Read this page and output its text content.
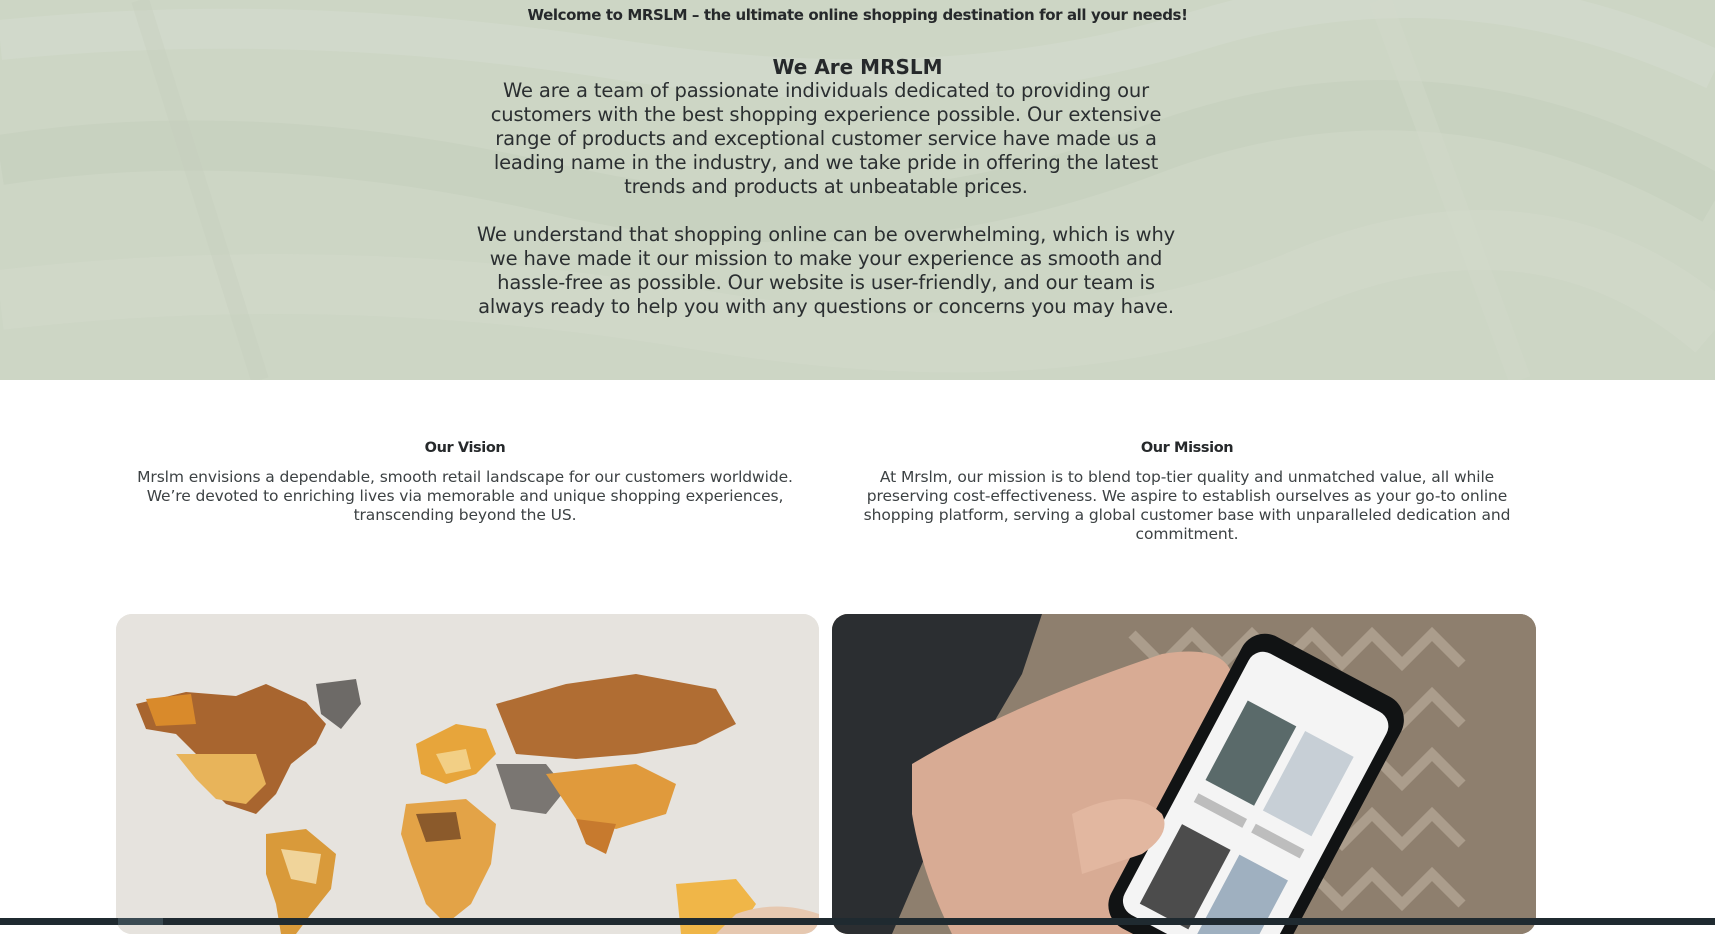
Welcome to MRSLM – the ultimate online shopping destination for all your needs!
We Are MRSLM

We are a team of passionate individuals dedicated to providing our customers with the best shopping experience possible. Our extensive range of products and exceptional customer service have made us a leading name in the industry, and we take pride in offering the latest trends and products at unbeatable prices.

We understand that shopping online can be overwhelming, which is why we have made it our mission to make your experience as smooth and hassle-free as possible. Our website is user-friendly, and our team is always ready to help you with any questions or concerns you may have.

Our Vision

Mrslm envisions a dependable, smooth retail landscape for our customers worldwide. We’re devoted to enriching lives via memorable and unique shopping experiences, transcending beyond the US.

Our Mission

At Mrslm, our mission is to blend top-tier quality and unmatched value, all while preserving cost-effectiveness. We aspire to establish ourselves as your go-to online shopping platform, serving a global customer base with unparalleled dedication and commitment.
